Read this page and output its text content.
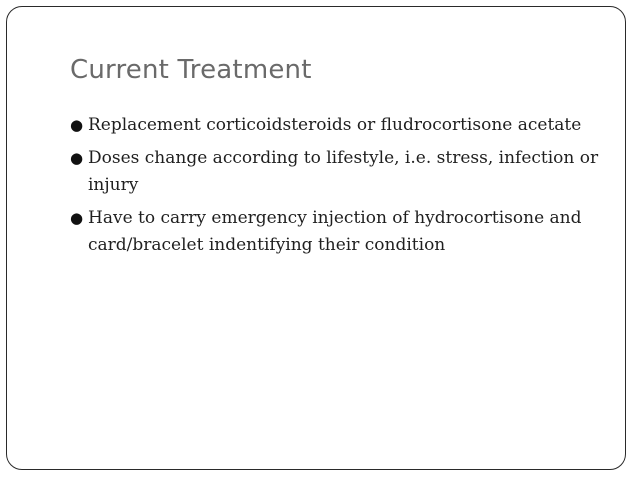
Current Treatment
● Replacement corticoidsteroids or fludrocortisone acetate
● Doses change according to lifestyle, i.e. stress, infection or injury
● Have to carry emergency injection of hydrocortisone and card/bracelet indentifying their condition
